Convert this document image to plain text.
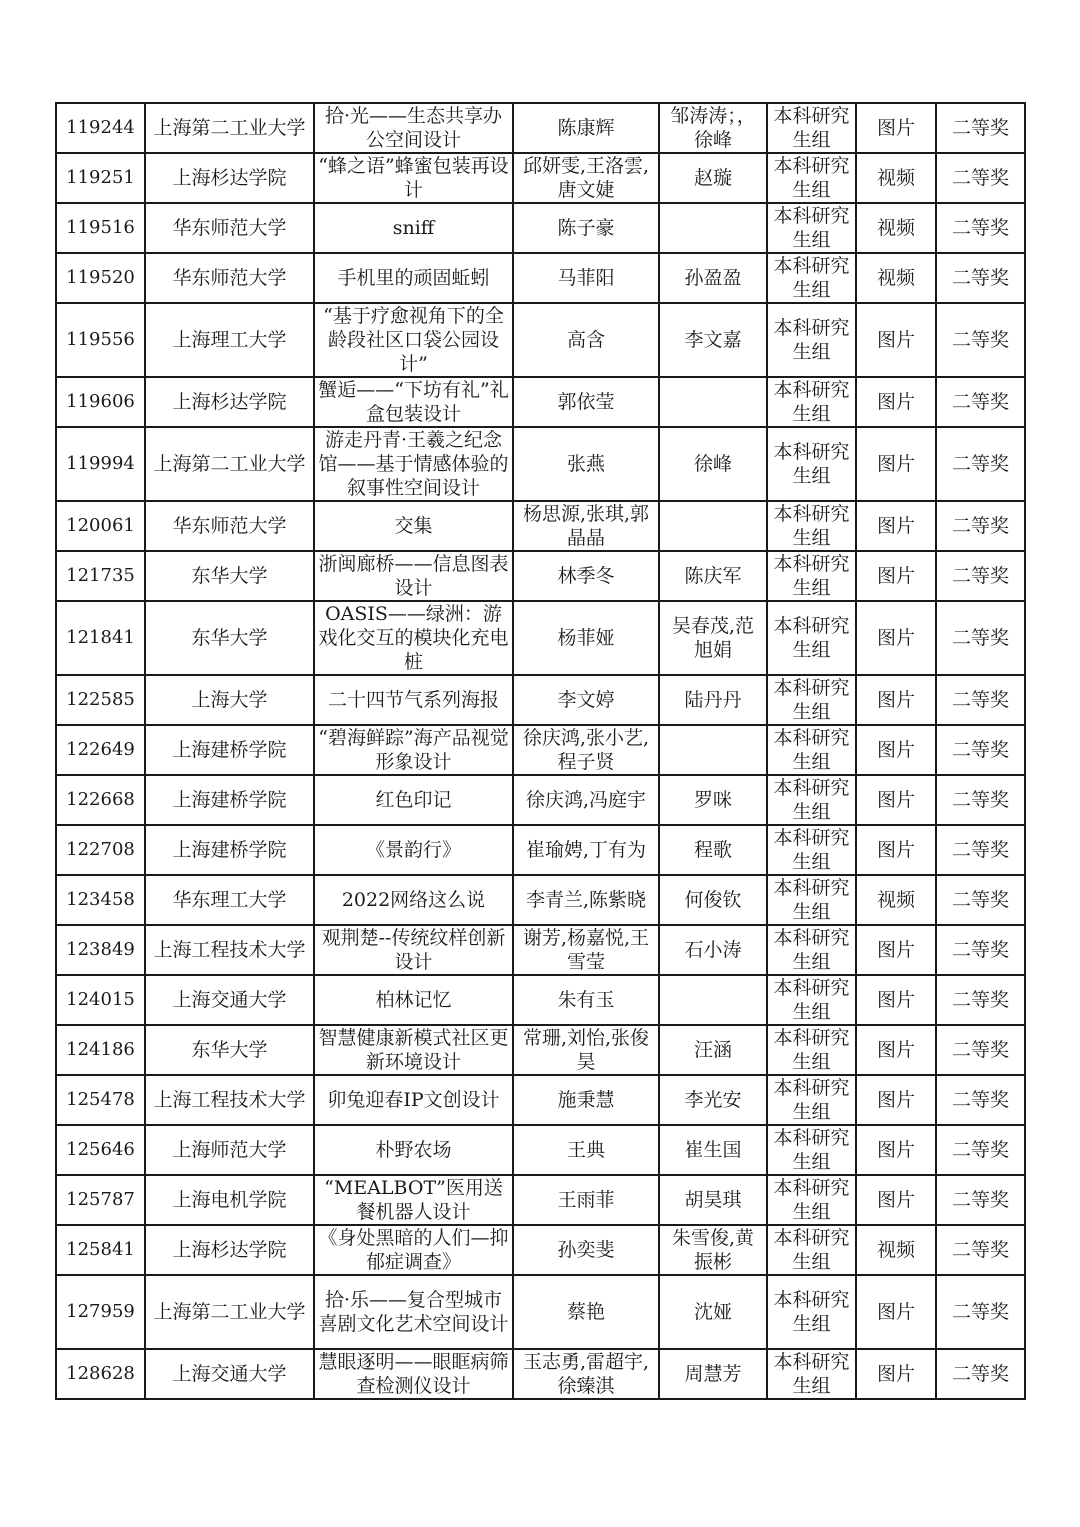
119244	上海第二工业大学	拾·光——生态共享办公空间设计	陈康辉	邹涛涛；，徐峰	本科研究生组	图片	二等奖
119251	上海杉达学院	“蜂之语”蜂蜜包装再设计	邱妍雯,王洛雲,唐文婕	赵璇	本科研究生组	视频	二等奖
119516	华东师范大学	sniff	陈子豪		本科研究生组	视频	二等奖
119520	华东师范大学	手机里的顽固蚯蚓	马菲阳	孙盈盈	本科研究生组	视频	二等奖
119556	上海理工大学	“基于疗愈视角下的全龄段社区口袋公园设计”	高含	李文嘉	本科研究生组	图片	二等奖
119606	上海杉达学院	蟹逅——“下坊有礼”礼盒包装设计	郭依莹		本科研究生组	图片	二等奖
119994	上海第二工业大学	游走丹青·王羲之纪念馆——基于情感体验的叙事性空间设计	张燕	徐峰	本科研究生组	图片	二等奖
120061	华东师范大学	交集	杨思源,张琪,郭晶晶		本科研究生组	图片	二等奖
121735	东华大学	浙闽廊桥——信息图表设计	林季冬	陈庆军	本科研究生组	图片	二等奖
121841	东华大学	OASIS——绿洲：游戏化交互的模块化充电桩	杨菲娅	吴春茂,范旭娟	本科研究生组	图片	二等奖
122585	上海大学	二十四节气系列海报	李文婷	陆丹丹	本科研究生组	图片	二等奖
122649	上海建桥学院	“碧海鲜踪”海产品视觉形象设计	徐庆鸿,张小艺,程子贤		本科研究生组	图片	二等奖
122668	上海建桥学院	红色印记	徐庆鸿,冯庭宇	罗咪	本科研究生组	图片	二等奖
122708	上海建桥学院	《景韵行》	崔瑜娉,丁有为	程歌	本科研究生组	图片	二等奖
123458	华东理工大学	2022网络这么说	李青兰,陈紫晓	何俊钦	本科研究生组	视频	二等奖
123849	上海工程技术大学	观荆楚--传统纹样创新设计	谢芳,杨嘉悦,王雪莹	石小涛	本科研究生组	图片	二等奖
124015	上海交通大学	柏林记忆	朱有玉		本科研究生组	图片	二等奖
124186	东华大学	智慧健康新模式社区更新环境设计	常珊,刘怡,张俊昊	汪涵	本科研究生组	图片	二等奖
125478	上海工程技术大学	卯兔迎春IP文创设计	施秉慧	李光安	本科研究生组	图片	二等奖
125646	上海师范大学	朴野农场	王典	崔生国	本科研究生组	图片	二等奖
125787	上海电机学院	“MEALBOT”医用送餐机器人设计	王雨菲	胡昊琪	本科研究生组	图片	二等奖
125841	上海杉达学院	《身处黑暗的人们—抑郁症调查》	孙奕斐	朱雪俊,黄振彬	本科研究生组	视频	二等奖
127959	上海第二工业大学	拾·乐——复合型城市喜剧文化艺术空间设计	蔡艳	沈娅	本科研究生组	图片	二等奖
128628	上海交通大学	慧眼逐明——眼眶病筛查检测仪设计	玉志勇,雷超宇,徐臻淇	周慧芳	本科研究生组	图片	二等奖
